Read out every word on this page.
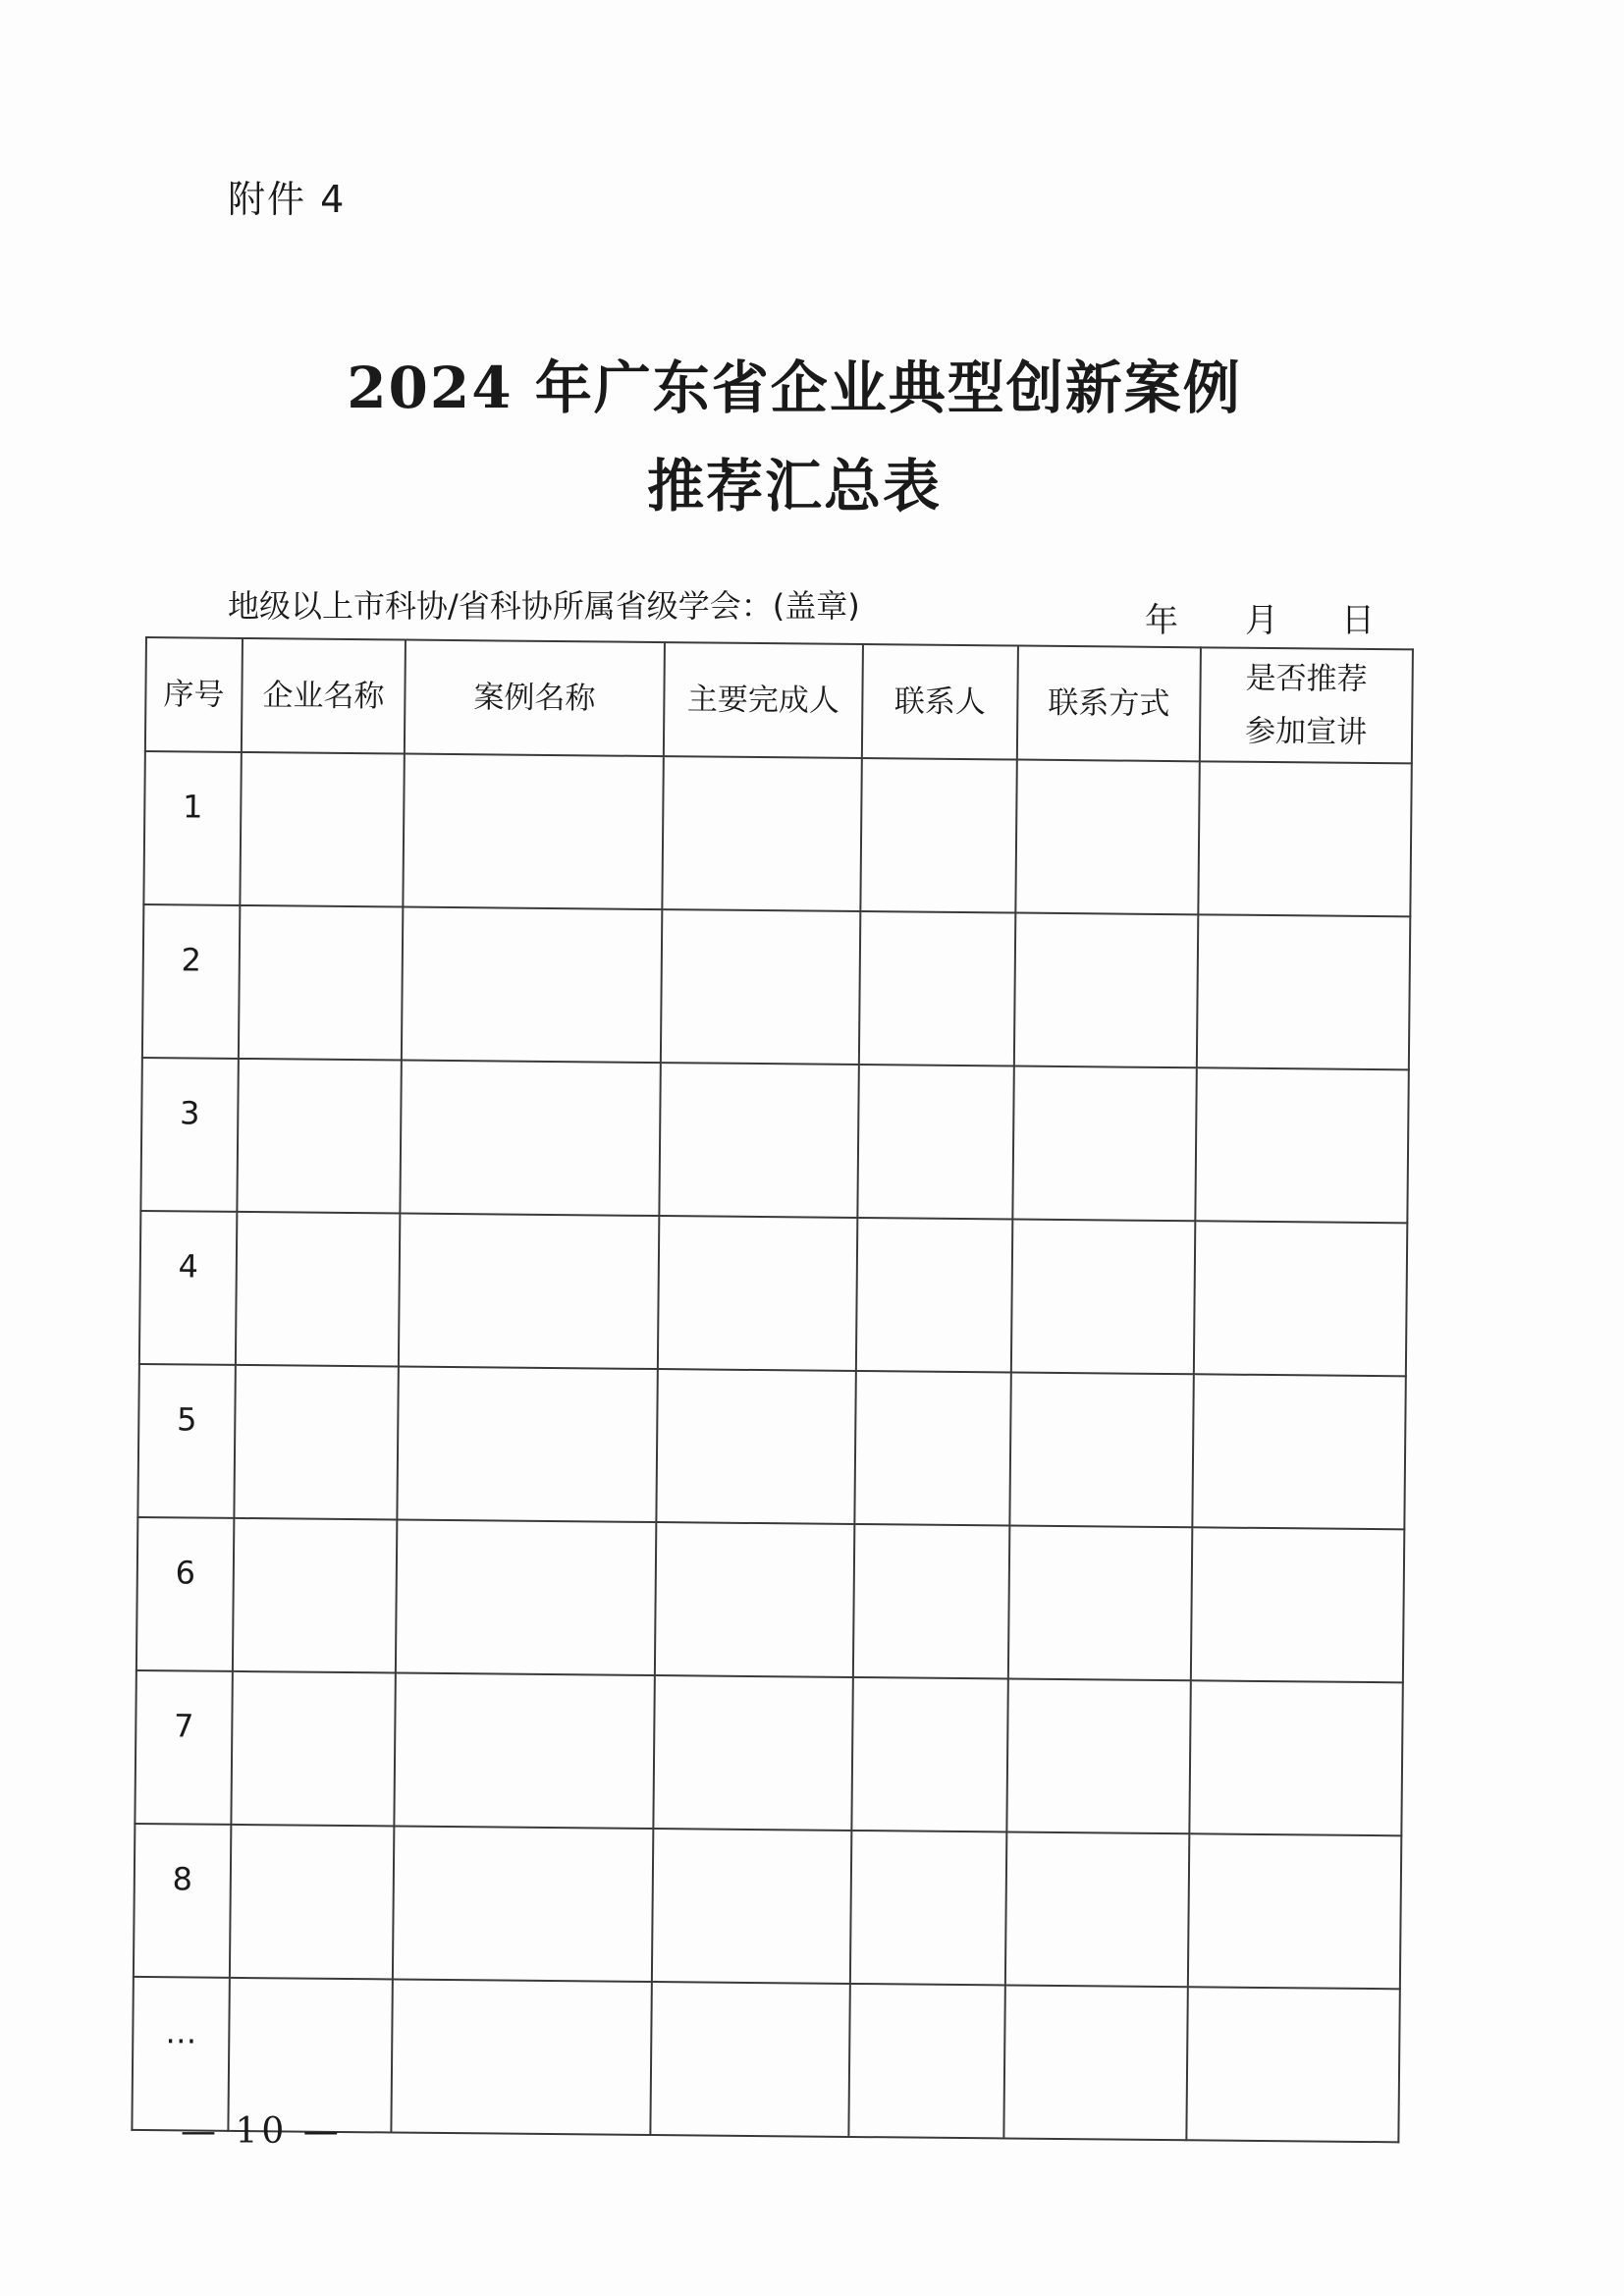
附件 4
2024 年广东省企业典型创新案例
推荐汇总表
地级以上市科协/省科协所属省级学会：(盖章)	年 月 日
序号	企业名称	案例名称	主要完成人	联系人	联系方式	是否推荐
参加宣讲

1						
2						
3						
4						
5						
6						
7						
8						
…						
— 10 —
